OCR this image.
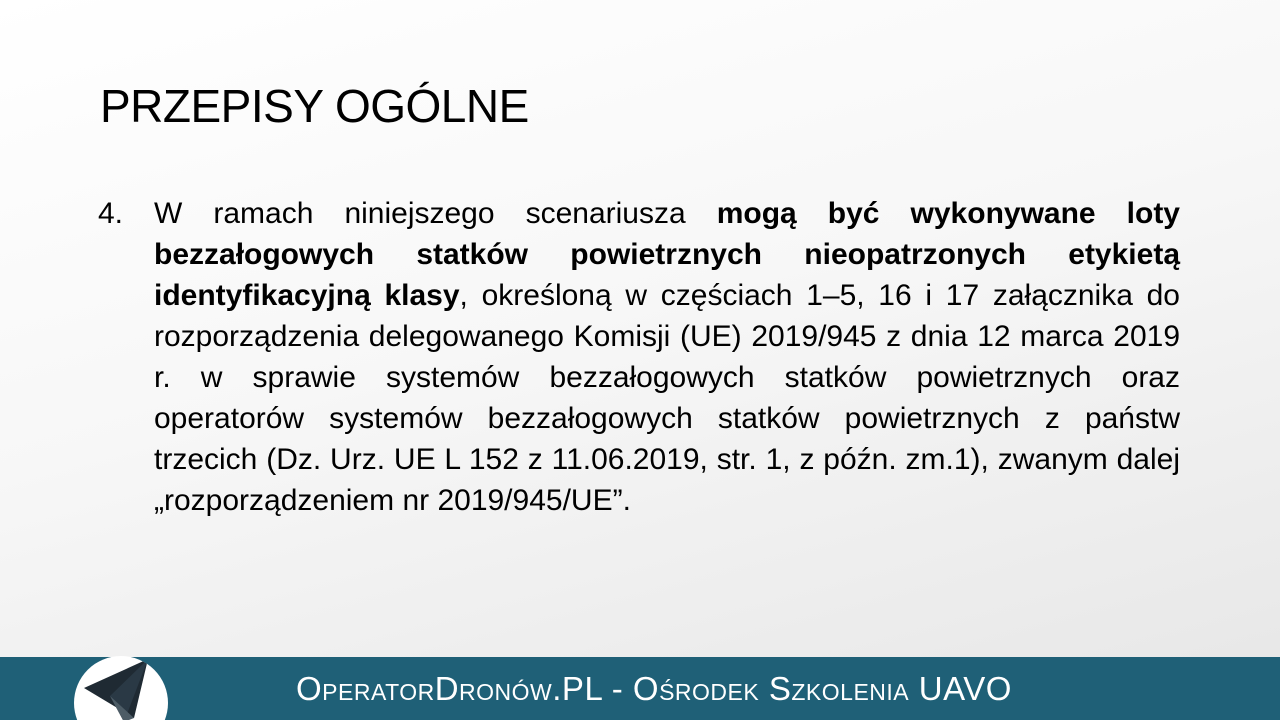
PRZEPISY OGÓLNE
4. W ramach niniejszego scenariusza mogą być wykonywane loty bezzałogowych statków powietrznych nieopatrzonych etykietą identyfikacyjną klasy, określoną w częściach 1–5, 16 i 17 załącznika do rozporządzenia delegowanego Komisji (UE) 2019/945 z dnia 12 marca 2019 r. w sprawie systemów bezzałogowych statków powietrznych oraz operatorów systemów bezzałogowych statków powietrznych z państw trzecich (Dz. Urz. UE L 152 z 11.06.2019, str. 1, z późn. zm.1), zwanym dalej „rozporządzeniem nr 2019/945/UE”.

OperatorDronów.PL - Ośrodek Szkolenia UAVO
